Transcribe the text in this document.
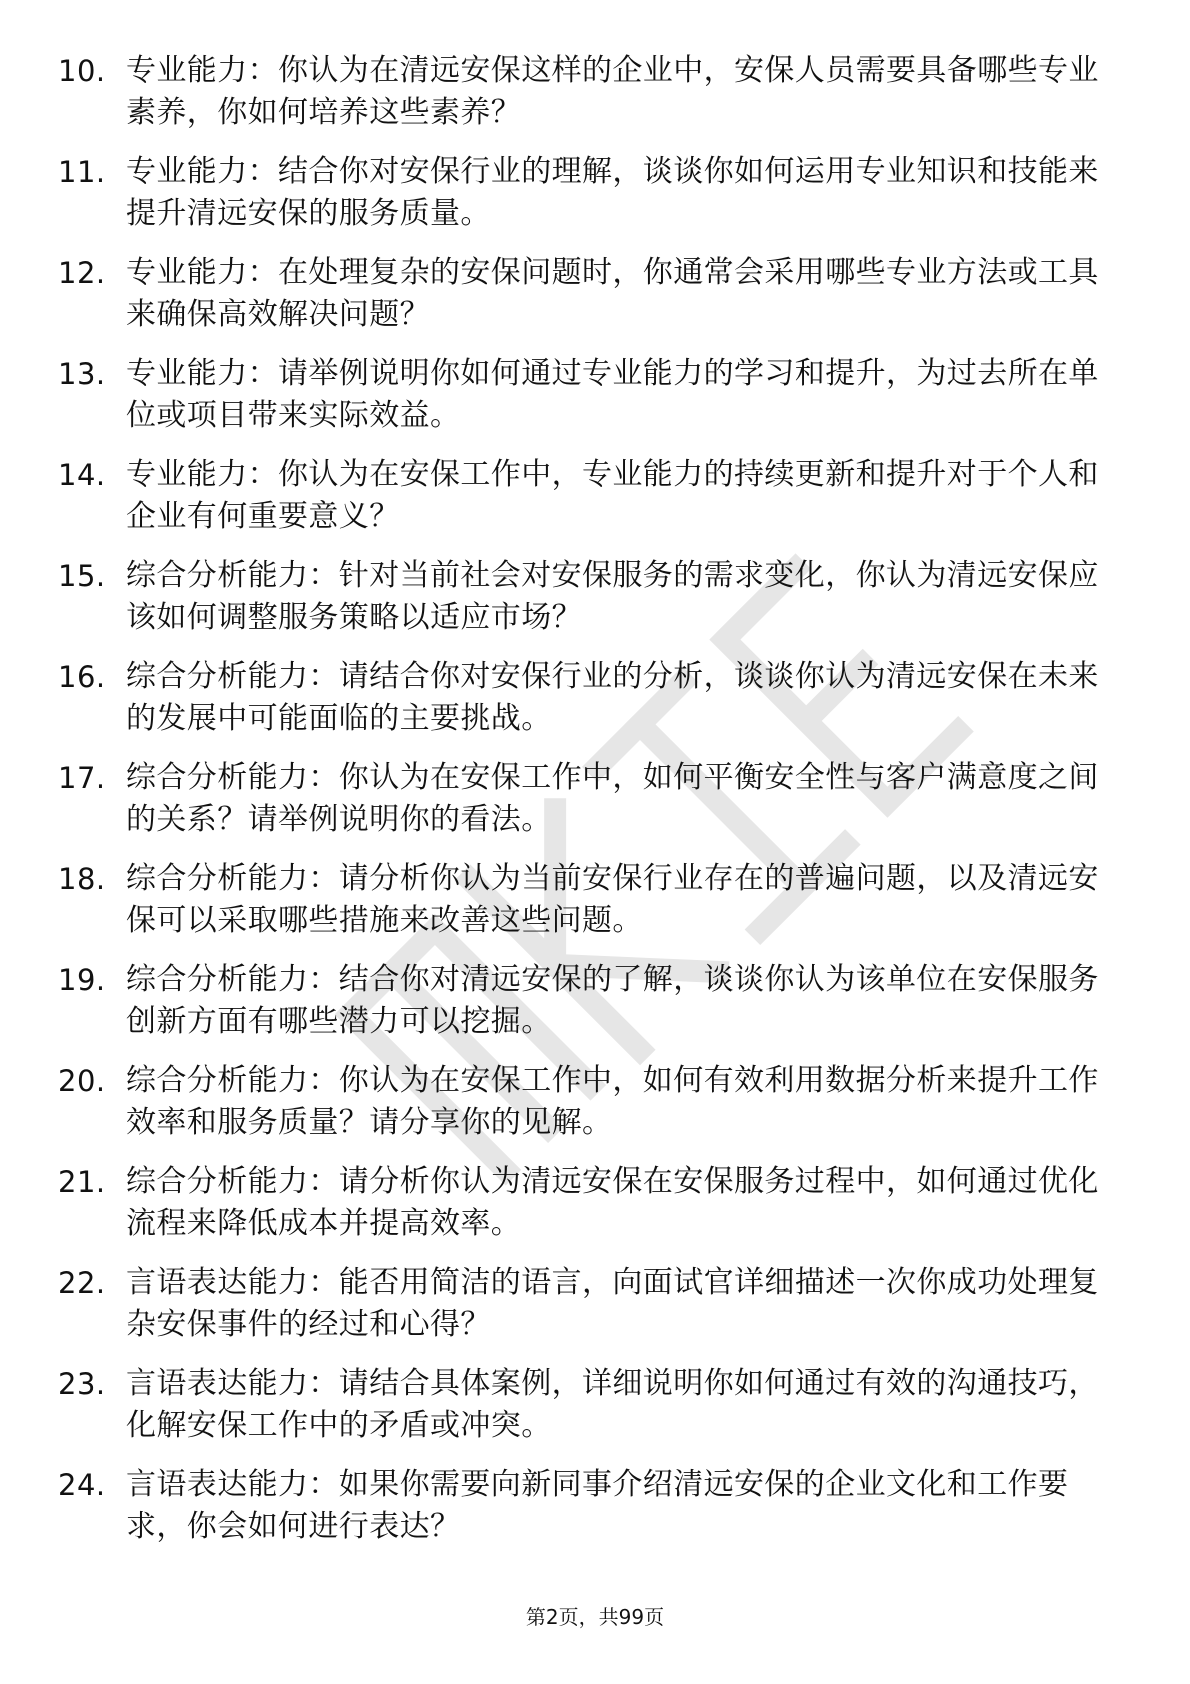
10. 专业能力：你认为在清远安保这样的企业中，安保人员需要具备哪些专业素养，你如何培养这些素养？
11. 专业能力：结合你对安保行业的理解，谈谈你如何运用专业知识和技能来提升清远安保的服务质量。
12. 专业能力：在处理复杂的安保问题时，你通常会采用哪些专业方法或工具来确保高效解决问题？
13. 专业能力：请举例说明你如何通过专业能力的学习和提升，为过去所在单位或项目带来实际效益。
14. 专业能力：你认为在安保工作中，专业能力的持续更新和提升对于个人和企业有何重要意义？
15. 综合分析能力：针对当前社会对安保服务的需求变化，你认为清远安保应该如何调整服务策略以适应市场？
16. 综合分析能力：请结合你对安保行业的分析，谈谈你认为清远安保在未来的发展中可能面临的主要挑战。
17. 综合分析能力：你认为在安保工作中，如何平衡安全性与客户满意度之间的关系？请举例说明你的看法。
18. 综合分析能力：请分析你认为当前安保行业存在的普遍问题，以及清远安保可以采取哪些措施来改善这些问题。
19. 综合分析能力：结合你对清远安保的了解，谈谈你认为该单位在安保服务创新方面有哪些潜力可以挖掘。
20. 综合分析能力：你认为在安保工作中，如何有效利用数据分析来提升工作效率和服务质量？请分享你的见解。
21. 综合分析能力：请分析你认为清远安保在安保服务过程中，如何通过优化流程来降低成本并提高效率。
22. 言语表达能力：能否用简洁的语言，向面试官详细描述一次你成功处理复杂安保事件的经过和心得？
23. 言语表达能力：请结合具体案例，详细说明你如何通过有效的沟通技巧，化解安保工作中的矛盾或冲突。
24. 言语表达能力：如果你需要向新同事介绍清远安保的企业文化和工作要求，你会如何进行表达？
第2页，共99页
